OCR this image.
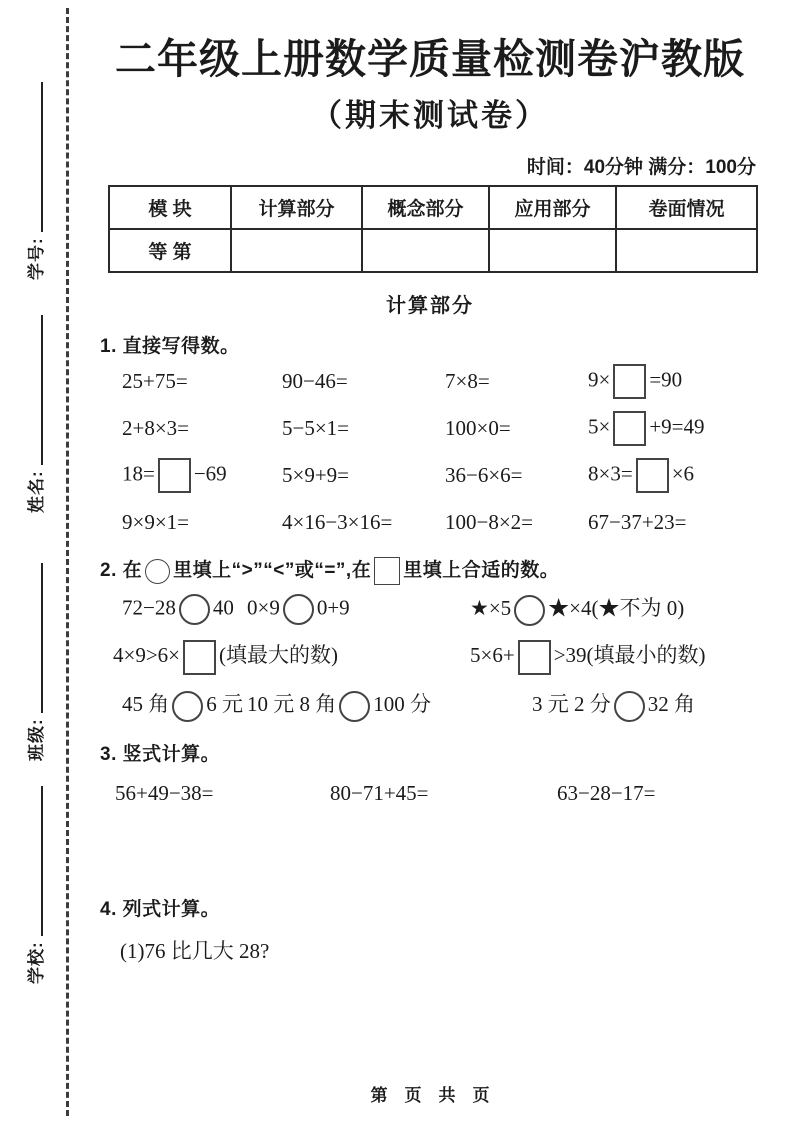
学号:
姓名:
班级:
学校:
二年级上册数学质量检测卷沪教版
（期末测试卷）
时间：40分钟 满分：100分
模 块	计算部分	概念部分	应用部分	卷面情况
等 第				
计算部分
1. 直接写得数。
25+75=	90−46=	7×8=	9× =90
2+8×3=	5−5×1=	100×0=	5× +9=49
18= −69	5×9+9=	36−6×6=	8×3= ×6
9×9×1=	4×16−3×16=	100−8×2=	67−37+23=
2. 在 里填上“>”“<”或“=”,在 里填上合适的数。
72−28 40 0×9 0+9	★×5 ★×4(★不为 0)
4×9>6× (填最大的数)	5×6+ >39(填最小的数)
45 角 6 元 10 元 8 角 100 分	3 元 2 分 32 角
3. 竖式计算。
56+49−38=	80−71+45=	63−28−17=
4. 列式计算。
(1)76 比几大 28?
第　页　共　页
